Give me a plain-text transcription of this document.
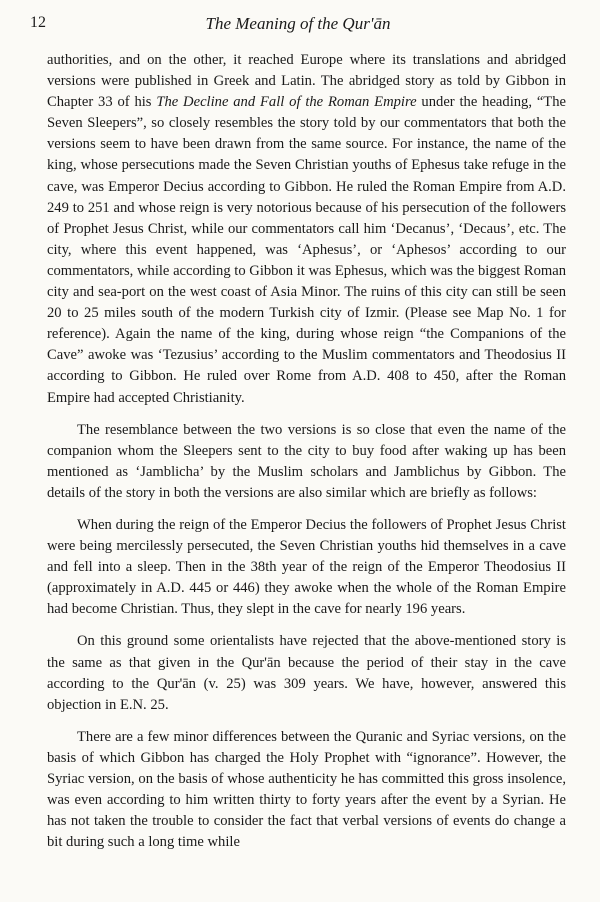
12	The Meaning of the Qur'ān

authorities, and on the other, it reached Europe where its translations and abridged versions were published in Greek and Latin. The abridged story as told by Gibbon in Chapter 33 of his The Decline and Fall of the Roman Empire under the heading, “The Seven Sleepers”, so closely resembles the story told by our commentators that both the versions seem to have been drawn from the same source. For instance, the name of the king, whose persecutions made the Seven Christian youths of Ephesus take refuge in the cave, was Emperor Decius according to Gibbon. He ruled the Roman Empire from A.D. 249 to 251 and whose reign is very notorious because of his persecution of the followers of Prophet Jesus Christ, while our commentators call him ‘Decanus’, ‘Decaus’, etc. The city, where this event happened, was ‘Aphesus’, or ‘Aphesos’ according to our commentators, while according to Gibbon it was Ephesus, which was the biggest Roman city and sea-port on the west coast of Asia Minor. The ruins of this city can still be seen 20 to 25 miles south of the modern Turkish city of Izmir. (Please see Map No. 1 for reference). Again the name of the king, during whose reign “the Companions of the Cave” awoke was ‘Tezusius’ according to the Muslim commentators and Theodosius II according to Gibbon. He ruled over Rome from A.D. 408 to 450, after the Roman Empire had accepted Christianity.

The resemblance between the two versions is so close that even the name of the companion whom the Sleepers sent to the city to buy food after waking up has been mentioned as ‘Jamblicha’ by the Muslim scholars and Jamblichus by Gibbon. The details of the story in both the versions are also similar which are briefly as follows:

When during the reign of the Emperor Decius the followers of Prophet Jesus Christ were being mercilessly persecuted, the Seven Christian youths hid themselves in a cave and fell into a sleep. Then in the 38th year of the reign of the Emperor Theodosius II (approximately in A.D. 445 or 446) they awoke when the whole of the Roman Empire had become Christian. Thus, they slept in the cave for nearly 196 years.

On this ground some orientalists have rejected that the above-mentioned story is the same as that given in the Qur'ān because the period of their stay in the cave according to the Qur'ān (v. 25) was 309 years. We have, however, answered this objection in E.N. 25.

There are a few minor differences between the Quranic and Syriac versions, on the basis of which Gibbon has charged the Holy Prophet with “ignorance”. However, the Syriac version, on the basis of whose authenticity he has committed this gross insolence, was even according to him written thirty to forty years after the event by a Syrian. He has not taken the trouble to consider the fact that verbal versions of events do change a bit during such a long time while
